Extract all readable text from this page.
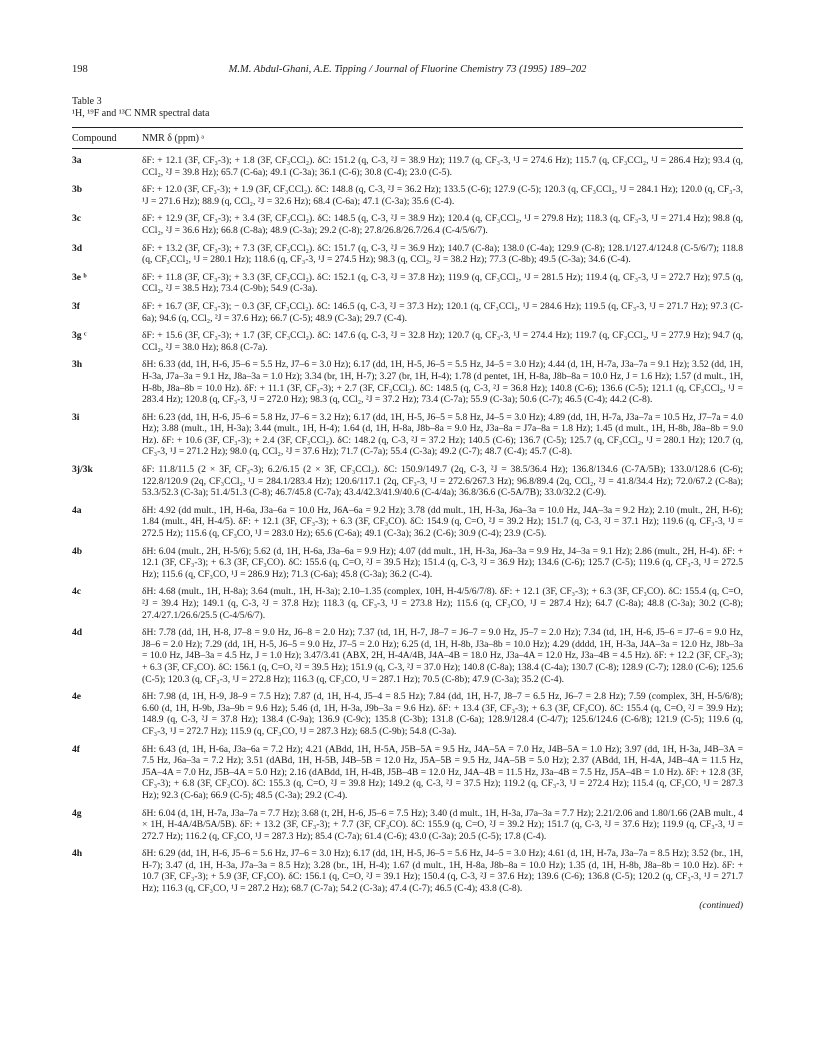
198	M.M. Abdul-Ghani, A.E. Tipping / Journal of Fluorine Chemistry 73 (1995) 189–202
Table 3
¹H, ¹⁹F and ¹³C NMR spectral data
Compound	NMR δ (ppm) ᵃ
3a	δF: + 12.1 (3F, CF₃-3); + 1.8 (3F, CF₃CCl₂). δC: 151.2 (q, C-3, ²J = 38.9 Hz); 119.7 (q, CF₃-3, ¹J = 274.6 Hz); 115.7 (q, CF₃CCl₂, ¹J = 286.4 Hz); 93.4 (q, CCl₂, ²J = 39.8 Hz); 65.7 (C-6a); 49.1 (C-3a); 36.1 (C-6); 30.8 (C-4); 23.0 (C-5).
3b	δF: + 12.0 (3F, CF₃-3); + 1.9 (3F, CF₃CCl₂). δC: 148.8 (q, C-3, ²J = 36.2 Hz); 133.5 (C-6); 127.9 (C-5); 120.3 (q, CF₃CCl₂, ¹J = 284.1 Hz); 120.0 (q, CF₃-3, ¹J = 271.6 Hz); 88.9 (q, CCl₂, ²J = 32.6 Hz); 68.4 (C-6a); 47.1 (C-3a); 35.6 (C-4).
3c	δF: + 12.9 (3F, CF₃-3); + 3.4 (3F, CF₃CCl₂). δC: 148.5 (q, C-3, ²J = 38.9 Hz); 120.4 (q, CF₃CCl₂, ¹J = 279.8 Hz); 118.3 (q, CF₃-3, ¹J = 271.4 Hz); 98.8 (q, CCl₂, ²J = 36.6 Hz); 66.8 (C-8a); 48.9 (C-3a); 29.2 (C-8); 27.8/26.8/26.7/26.4 (C-4/5/6/7).
3d	δF: + 13.2 (3F, CF₃-3); + 7.3 (3F, CF₃CCl₂). δC: 151.7 (q, C-3, ²J = 36.9 Hz); 140.7 (C-8a); 138.0 (C-4a); 129.9 (C-8); 128.1/127.4/124.8 (C-5/6/7); 118.8 (q, CF₃CCl₂, ¹J = 280.1 Hz); 118.6 (q, CF₃-3, ¹J = 274.5 Hz); 98.3 (q, CCl₂, ²J = 38.2 Hz); 77.3 (C-8b); 49.5 (C-3a); 34.6 (C-4).
3e ᵇ	δF: + 11.8 (3F, CF₃-3); + 3.3 (3F, CF₃CCl₂). δC: 152.1 (q, C-3, ²J = 37.8 Hz); 119.9 (q, CF₃CCl₂, ¹J = 281.5 Hz); 119.4 (q, CF₃-3, ¹J = 272.7 Hz); 97.5 (q, CCl₂, ²J = 38.5 Hz); 73.4 (C-9b); 54.9 (C-3a).
3f	δF: + 16.7 (3F, CF₃-3); − 0.3 (3F, CF₃CCl₂). δC: 146.5 (q, C-3, ²J = 37.3 Hz); 120.1 (q, CF₃CCl₂, ¹J = 284.6 Hz); 119.5 (q, CF₃-3, ¹J = 271.7 Hz); 97.3 (C-6a); 94.6 (q, CCl₂, ²J = 37.6 Hz); 66.7 (C-5); 48.9 (C-3a); 29.7 (C-4).
3g ᶜ	δF: + 15.6 (3F, CF₃-3); + 1.7 (3F, CF₃CCl₂). δC: 147.6 (q, C-3, ²J = 32.8 Hz); 120.7 (q, CF₃-3, ¹J = 274.4 Hz); 119.7 (q, CF₃CCl₂, ¹J = 277.9 Hz); 94.7 (q, CCl₂, ²J = 38.0 Hz); 86.8 (C-7a).
3h	δH: 6.33 (dd, 1H, H-6, J5–6 = 5.5 Hz, J7–6 = 3.0 Hz); 6.17 (dd, 1H, H-5, J6–5 = 5.5 Hz, J4–5 = 3.0 Hz); 4.44 (d, 1H, H-7a, J3a–7a = 9.1 Hz); 3.52 (dd, 1H, H-3a, J7a–3a = 9.1 Hz, J8a–3a = 1.0 Hz); 3.34 (br, 1H, H-7); 3.27 (br, 1H, H-4); 1.78 (d pentet, 1H, H-8a, J8b–8a = 10.0 Hz, J = 1.6 Hz); 1.57 (d mult., 1H, H-8b, J8a–8b = 10.0 Hz). δF: + 11.1 (3F, CF₃-3); + 2.7 (3F, CF₃CCl₂). δC: 148.5 (q, C-3, ²J = 36.8 Hz); 140.8 (C-6); 136.6 (C-5); 121.1 (q, CF₃CCl₂, ¹J = 283.4 Hz); 120.8 (q, CF₃-3, ¹J = 272.0 Hz); 98.3 (q, CCl₂, ²J = 37.2 Hz); 73.4 (C-7a); 55.9 (C-3a); 50.6 (C-7); 46.5 (C-4); 44.2 (C-8).
3i	δH: 6.23 (dd, 1H, H-6, J5–6 = 5.8 Hz, J7–6 = 3.2 Hz); 6.17 (dd, 1H, H-5, J6–5 = 5.8 Hz, J4–5 = 3.0 Hz); 4.89 (dd, 1H, H-7a, J3a–7a = 10.5 Hz, J7–7a = 4.0 Hz); 3.88 (mult., 1H, H-3a); 3.44 (mult., 1H, H-4); 1.64 (d, 1H, H-8a, J8b–8a = 9.0 Hz, J3a–8a = J7a–8a = 1.8 Hz); 1.45 (d mult., 1H, H-8b, J8a–8b = 9.0 Hz). δF: + 10.6 (3F, CF₃-3); + 2.4 (3F, CF₃CCl₂). δC: 148.2 (q, C-3, ²J = 37.2 Hz); 140.5 (C-6); 136.7 (C-5); 125.7 (q, CF₃CCl₂, ¹J = 280.1 Hz); 120.7 (q, CF₃-3, ¹J = 271.2 Hz); 98.0 (q, CCl₂, ²J = 37.6 Hz); 71.7 (C-7a); 55.4 (C-3a); 49.2 (C-7); 48.7 (C-4); 45.7 (C-8).
3j/3k	δF: 11.8/11.5 (2 × 3F, CF₃-3); 6.2/6.15 (2 × 3F, CF₃CCl₂). δC: 150.9/149.7 (2q, C-3, ²J = 38.5/36.4 Hz); 136.8/134.6 (C-7A/5B); 133.0/128.6 (C-6); 122.8/120.9 (2q, CF₃CCl₂, ¹J = 284.1/283.4 Hz); 120.6/117.1 (2q, CF₃-3, ¹J = 272.6/267.3 Hz); 96.8/89.4 (2q, CCl₂, ²J = 41.8/34.4 Hz); 72.0/67.2 (C-8a); 53.3/52.3 (C-3a); 51.4/51.3 (C-8); 46.7/45.8 (C-7a); 43.4/42.3/41.9/40.6 (C-4/4a); 36.8/36.6 (C-5A/7B); 33.0/32.2 (C-9).
4a	δH: 4.92 (dd mult., 1H, H-6a, J3a–6a = 10.0 Hz, J6A–6a = 9.2 Hz); 3.78 (dd mult., 1H, H-3a, J6a–3a = 10.0 Hz, J4A–3a = 9.2 Hz); 2.10 (mult., 2H, H-6); 1.84 (mult., 4H, H-4/5). δF: + 12.1 (3F, CF₃-3); + 6.3 (3F, CF₃CO). δC: 154.9 (q, C=O, ²J = 39.2 Hz); 151.7 (q, C-3, ²J = 37.1 Hz); 119.6 (q, CF₃-3, ¹J = 272.5 Hz); 115.6 (q, CF₃CO, ¹J = 283.0 Hz); 65.6 (C-6a); 49.1 (C-3a); 36.2 (C-6); 30.9 (C-4); 23.9 (C-5).
4b	δH: 6.04 (mult., 2H, H-5/6); 5.62 (d, 1H, H-6a, J3a–6a = 9.9 Hz); 4.07 (dd mult., 1H, H-3a, J6a–3a = 9.9 Hz, J4–3a = 9.1 Hz); 2.86 (mult., 2H, H-4). δF: + 12.1 (3F, CF₃-3); + 6.3 (3F, CF₃CO). δC: 155.6 (q, C=O, ²J = 39.5 Hz); 151.4 (q, C-3, ²J = 36.9 Hz); 134.6 (C-6); 125.7 (C-5); 119.6 (q, CF₃-3, ¹J = 272.5 Hz); 115.6 (q, CF₃CO, ¹J = 286.9 Hz); 71.3 (C-6a); 45.8 (C-3a); 36.2 (C-4).
4c	δH: 4.68 (mult., 1H, H-8a); 3.64 (mult., 1H, H-3a); 2.10–1.35 (complex, 10H, H-4/5/6/7/8). δF: + 12.1 (3F, CF₃-3); + 6.3 (3F, CF₃CO). δC: 155.4 (q, C=O, ²J = 39.4 Hz); 149.1 (q, C-3, ²J = 37.8 Hz); 118.3 (q, CF₃-3, ¹J = 273.8 Hz); 115.6 (q, CF₃CO, ¹J = 287.4 Hz); 64.7 (C-8a); 48.8 (C-3a); 30.2 (C-8); 27.4/27.1/26.6/25.5 (C-4/5/6/7).
4d	δH: 7.78 (dd, 1H, H-8, J7–8 = 9.0 Hz, J6–8 = 2.0 Hz); 7.37 (td, 1H, H-7, J8–7 = J6–7 = 9.0 Hz, J5–7 = 2.0 Hz); 7.34 (td, 1H, H-6, J5–6 = J7–6 = 9.0 Hz, J8–6 = 2.0 Hz); 7.29 (dd, 1H, H-5, J6–5 = 9.0 Hz, J7–5 = 2.0 Hz); 6.25 (d, 1H, H-8b, J3a–8b = 10.0 Hz); 4.29 (dddd, 1H, H-3a, J4A–3a = 12.0 Hz, J8b–3a = 10.0 Hz, J4B–3a = 4.5 Hz, J = 1.0 Hz); 3.47/3.41 (ABX, 2H, H-4A/4B, J4A–4B = 18.0 Hz, J3a–4A = 12.0 Hz, J3a–4B = 4.5 Hz). δF: + 12.2 (3F, CF₃-3); + 6.3 (3F, CF₃CO). δC: 156.1 (q, C=O, ²J = 39.5 Hz); 151.9 (q, C-3, ²J = 37.0 Hz); 140.8 (C-8a); 138.4 (C-4a); 130.7 (C-8); 128.9 (C-7); 128.0 (C-6); 125.6 (C-5); 120.3 (q, CF₃-3, ¹J = 272.8 Hz); 116.3 (q, CF₃CO, ¹J = 287.1 Hz); 70.5 (C-8b); 47.9 (C-3a); 35.2 (C-4).
4e	δH: 7.98 (d, 1H, H-9, J8–9 = 7.5 Hz); 7.87 (d, 1H, H-4, J5–4 = 8.5 Hz); 7.84 (dd, 1H, H-7, J8–7 = 6.5 Hz, J6–7 = 2.8 Hz); 7.59 (complex, 3H, H-5/6/8); 6.60 (d, 1H, H-9b, J3a–9b = 9.6 Hz); 5.46 (d, 1H, H-3a, J9b–3a = 9.6 Hz). δF: + 13.4 (3F, CF₃-3); + 6.3 (3F, CF₃CO). δC: 155.4 (q, C=O, ²J = 39.9 Hz); 148.9 (q, C-3, ²J = 37.8 Hz); 138.4 (C-9a); 136.9 (C-9c); 135.8 (C-3b); 131.8 (C-6a); 128.9/128.4 (C-4/7); 125.6/124.6 (C-6/8); 121.9 (C-5); 119.6 (q, CF₃-3, ¹J = 272.7 Hz); 115.9 (q, CF₃CO, ¹J = 287.3 Hz); 68.5 (C-9b); 54.8 (C-3a).
4f	δH: 6.43 (d, 1H, H-6a, J3a–6a = 7.2 Hz); 4.21 (ABdd, 1H, H-5A, J5B–5A = 9.5 Hz, J4A–5A = 7.0 Hz, J4B–5A = 1.0 Hz); 3.97 (dd, 1H, H-3a, J4B–3A = 7.5 Hz, J6a–3a = 7.2 Hz); 3.51 (dABd, 1H, H-5B, J4B–5B = 12.0 Hz, J5A–5B = 9.5 Hz, J4A–5B = 5.0 Hz); 2.37 (ABdd, 1H, H-4A, J4B–4A = 11.5 Hz, J5A–4A = 7.0 Hz, J5B–4A = 5.0 Hz); 2.16 (dABdd, 1H, H-4B, J5B–4B = 12.0 Hz, J4A–4B = 11.5 Hz, J3a–4B = 7.5 Hz, J5A–4B = 1.0 Hz). δF: + 12.8 (3F, CF₃-3); + 6.8 (3F, CF₃CO). δC: 155.3 (q, C=O, ²J = 39.8 Hz); 149.2 (q, C-3, ²J = 37.5 Hz); 119.2 (q, CF₃-3, ¹J = 272.4 Hz); 115.4 (q, CF₃CO, ¹J = 287.3 Hz); 92.3 (C-6a); 66.9 (C-5); 48.5 (C-3a); 29.2 (C-4).
4g	δH: 6.04 (d, 1H, H-7a, J3a–7a = 7.7 Hz); 3.68 (t, 2H, H-6, J5–6 = 7.5 Hz); 3.40 (d mult., 1H, H-3a, J7a–3a = 7.7 Hz); 2.21/2.06 and 1.80/1.66 (2AB mult., 4 × 1H, H-4A/4B/5A/5B). δF: + 13.2 (3F, CF₃-3); + 7.7 (3F, CF₃CO). δC: 155.9 (q, C=O, ²J = 39.2 Hz); 151.7 (q, C-3, ²J = 37.6 Hz); 119.9 (q, CF₃-3, ¹J = 272.7 Hz); 116.2 (q, CF₃CO, ¹J = 287.3 Hz); 85.4 (C-7a); 61.4 (C-6); 43.0 (C-3a); 20.5 (C-5); 17.8 (C-4).
4h	δH: 6.29 (dd, 1H, H-6, J5–6 = 5.6 Hz, J7–6 = 3.0 Hz); 6.17 (dd, 1H, H-5, J6–5 = 5.6 Hz, J4–5 = 3.0 Hz); 4.61 (d, 1H, H-7a, J3a–7a = 8.5 Hz); 3.52 (br., 1H, H-7); 3.47 (d, 1H, H-3a, J7a–3a = 8.5 Hz); 3.28 (br., 1H, H-4); 1.67 (d mult., 1H, H-8a, J8b–8a = 10.0 Hz); 1.35 (d, 1H, H-8b, J8a–8b = 10.0 Hz). δF: + 10.7 (3F, CF₃-3); + 5.9 (3F, CF₃CO). δC: 156.1 (q, C=O, ²J = 39.1 Hz); 150.4 (q, C-3, ²J = 37.6 Hz); 139.6 (C-6); 136.8 (C-5); 120.2 (q, CF₃-3, ¹J = 271.7 Hz); 116.3 (q, CF₃CO, ¹J = 287.2 Hz); 68.7 (C-7a); 54.2 (C-3a); 47.4 (C-7); 46.5 (C-4); 43.8 (C-8).
(continued)
